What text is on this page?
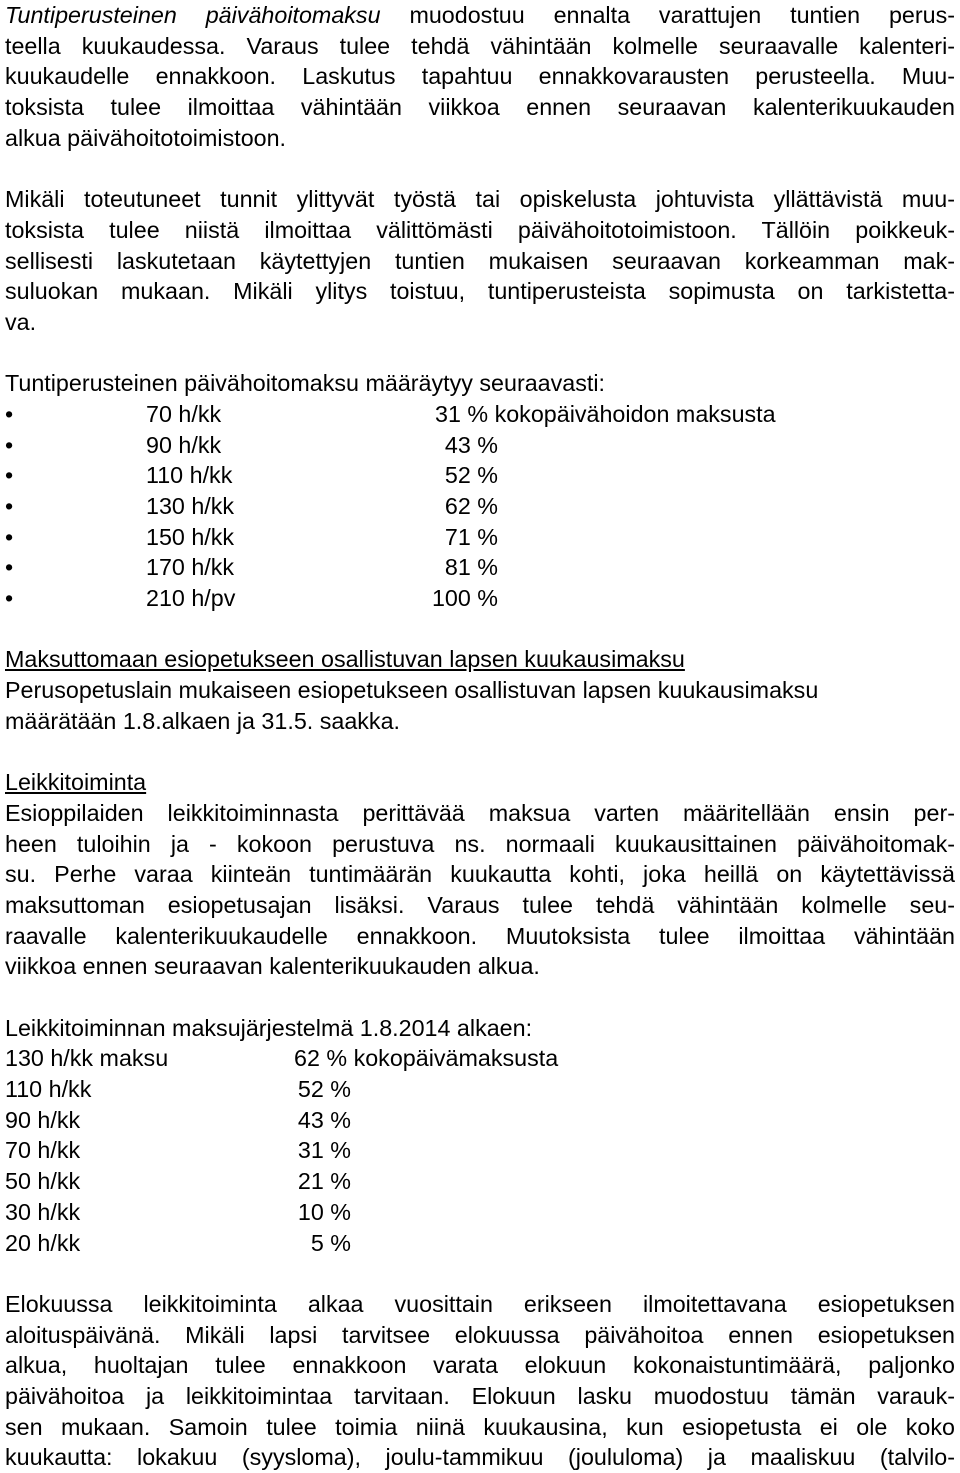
Tuntiperusteinen päivähoitomaksu muodostuu ennalta varattujen tuntien perus-
teella kuukaudessa. Varaus tulee tehdä vähintään kolmelle seuraavalle kalenteri-
kuukaudelle ennakkoon. Laskutus tapahtuu ennakkovarausten perusteella. Muu-
toksista tulee ilmoittaa vähintään viikkoa ennen seuraavan kalenterikuukauden
alkua päivähoitotoimistoon.
Mikäli toteutuneet tunnit ylittyvät työstä tai opiskelusta johtuvista yllättävistä muu-
toksista tulee niistä ilmoittaa välittömästi päivähoitotoimistoon. Tällöin poikkeuk-
sellisesti laskutetaan käytettyjen tuntien mukaisen seuraavan korkeamman mak-
suluokan mukaan. Mikäli ylitys toistuu, tuntiperusteista sopimusta on tarkistetta-
va.
Tuntiperusteinen päivähoitomaksu määräytyy seuraavasti:
•	70 h/kk	31 % kokopäivähoidon maksusta
•	90 h/kk	43 %
•	110 h/kk	52 %
•	130 h/kk	62 %
•	150 h/kk	71 %
•	170 h/kk	81 %
•	210 h/pv	100 %
Maksuttomaan esiopetukseen osallistuvan lapsen kuukausimaksu
Perusopetuslain mukaiseen esiopetukseen osallistuvan lapsen kuukausimaksu
määrätään 1.8.alkaen ja 31.5. saakka.
Leikkitoiminta
Esioppilaiden leikkitoiminnasta perittävää maksua varten määritellään ensin per-
heen tuloihin ja - kokoon perustuva ns. normaali kuukausittainen päivähoitomak-
su. Perhe varaa kiinteän tuntimäärän kuukautta kohti, joka heillä on käytettävissä
maksuttoman esiopetusajan lisäksi. Varaus tulee tehdä vähintään kolmelle seu-
raavalle kalenterikuukaudelle ennakkoon. Muutoksista tulee ilmoittaa vähintään
viikkoa ennen seuraavan kalenterikuukauden alkua.
Leikkitoiminnan maksujärjestelmä 1.8.2014 alkaen:
130 h/kk maksu	62 % kokopäivämaksusta
110 h/kk	52 %
90 h/kk	43 %
70 h/kk	31 %
50 h/kk	21 %
30 h/kk	10 %
20 h/kk	5 %
Elokuussa leikkitoiminta alkaa vuosittain erikseen ilmoitettavana esiopetuksen
aloituspäivänä. Mikäli lapsi tarvitsee elokuussa päivähoitoa ennen esiopetuksen
alkua, huoltajan tulee ennakkoon varata elokuun kokonaistuntimäärä, paljonko
päivähoitoa ja leikkitoimintaa tarvitaan. Elokuun lasku muodostuu tämän varauk-
sen mukaan. Samoin tulee toimia niinä kuukausina, kun esiopetusta ei ole koko
kuukautta: lokakuu (syysloma), joulu-tammikuu (joululoma) ja maaliskuu (talvilo-
